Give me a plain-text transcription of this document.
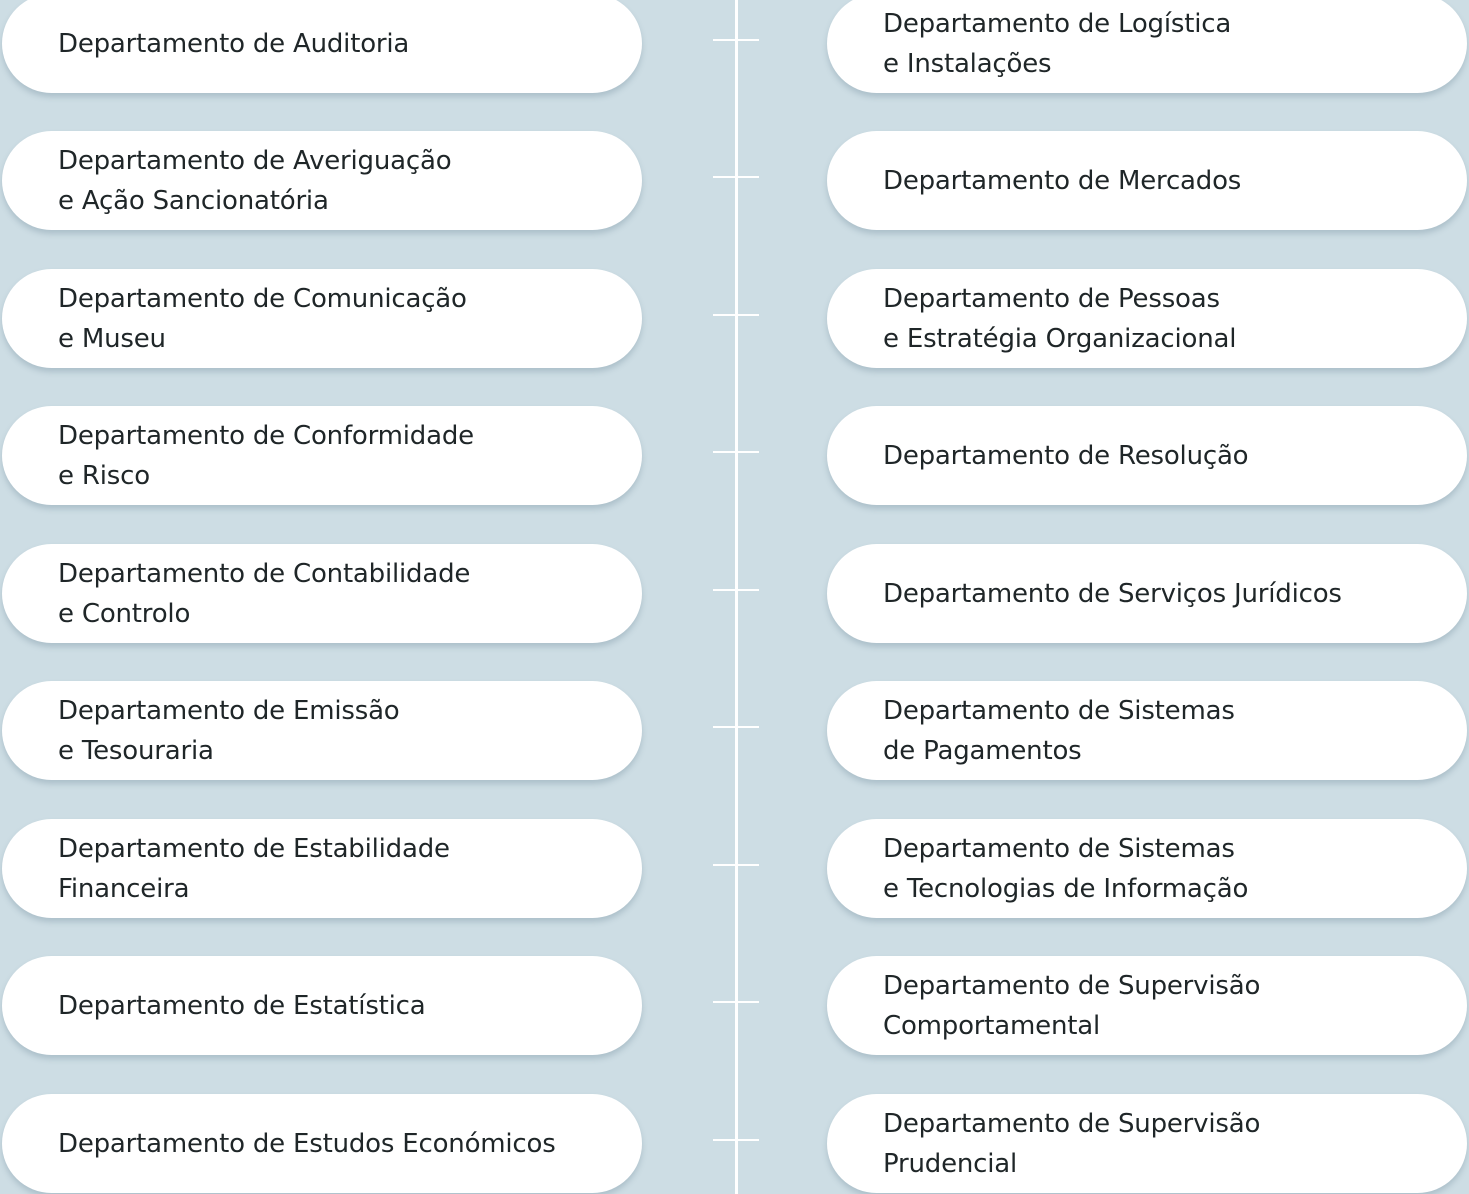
Departamento de Auditoria
Departamento de Averiguação
e Ação Sancionatória
Departamento de Comunicação
e Museu
Departamento de Conformidade
e Risco
Departamento de Contabilidade
e Controlo
Departamento de Emissão
e Tesouraria
Departamento de Estabilidade
Financeira
Departamento de Estatística
Departamento de Estudos Económicos
Departamento de Logística
e Instalações
Departamento de Mercados
Departamento de Pessoas
e Estratégia Organizacional
Departamento de Resolução
Departamento de Serviços Jurídicos
Departamento de Sistemas
de Pagamentos
Departamento de Sistemas
e Tecnologias de Informação
Departamento de Supervisão
Comportamental
Departamento de Supervisão
Prudencial
